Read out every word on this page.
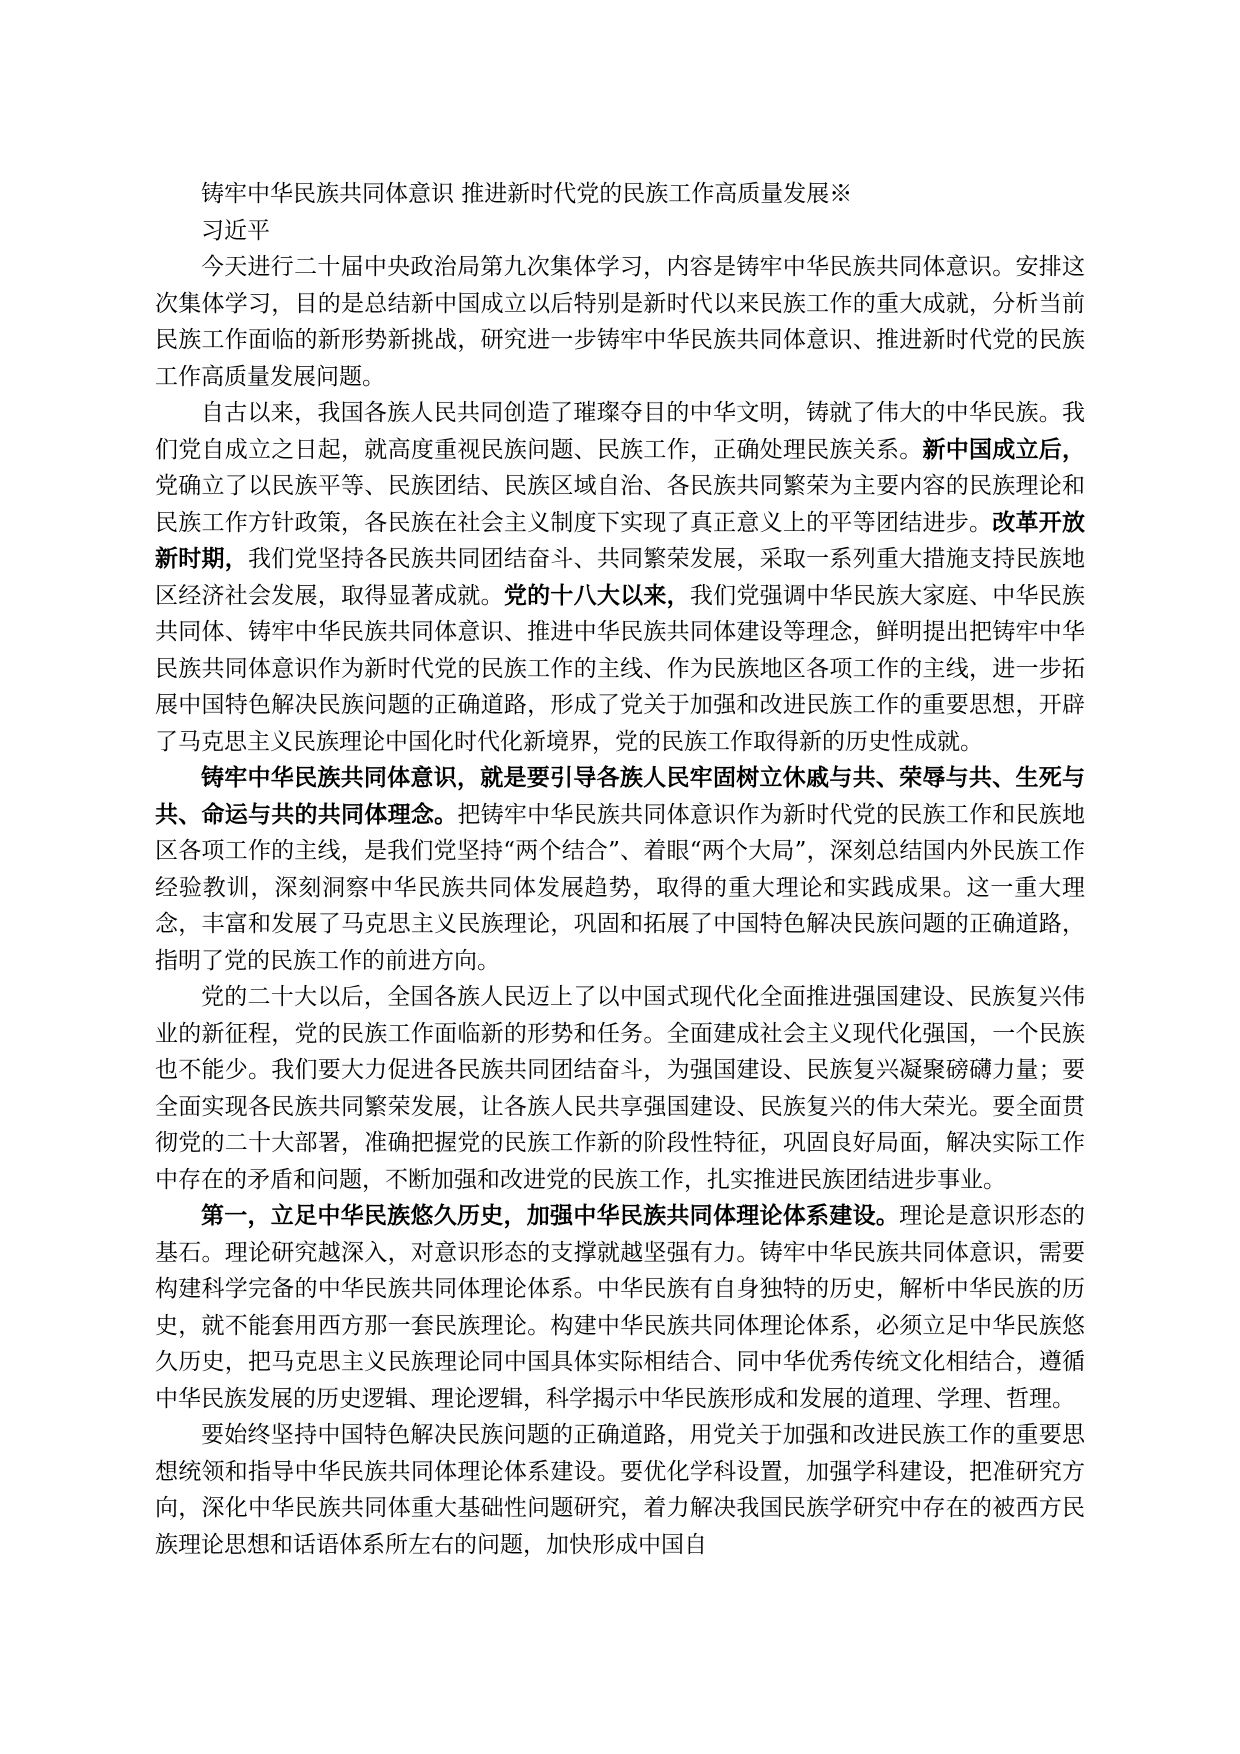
铸牢中华民族共同体意识 推进新时代党的民族工作高质量发展※

习近平

今天进行二十届中央政治局第九次集体学习，内容是铸牢中华民族共同体意识。安排这次集体学习，目的是总结新中国成立以后特别是新时代以来民族工作的重大成就，分析当前民族工作面临的新形势新挑战，研究进一步铸牢中华民族共同体意识、推进新时代党的民族工作高质量发展问题。

自古以来，我国各族人民共同创造了璀璨夺目的中华文明，铸就了伟大的中华民族。我们党自成立之日起，就高度重视民族问题、民族工作，正确处理民族关系。新中国成立后，党确立了以民族平等、民族团结、民族区域自治、各民族共同繁荣为主要内容的民族理论和民族工作方针政策，各民族在社会主义制度下实现了真正意义上的平等团结进步。改革开放新时期，我们党坚持各民族共同团结奋斗、共同繁荣发展，采取一系列重大措施支持民族地区经济社会发展，取得显著成就。党的十八大以来，我们党强调中华民族大家庭、中华民族共同体、铸牢中华民族共同体意识、推进中华民族共同体建设等理念，鲜明提出把铸牢中华民族共同体意识作为新时代党的民族工作的主线、作为民族地区各项工作的主线，进一步拓展中国特色解决民族问题的正确道路，形成了党关于加强和改进民族工作的重要思想，开辟了马克思主义民族理论中国化时代化新境界，党的民族工作取得新的历史性成就。

铸牢中华民族共同体意识，就是要引导各族人民牢固树立休戚与共、荣辱与共、生死与共、命运与共的共同体理念。把铸牢中华民族共同体意识作为新时代党的民族工作和民族地区各项工作的主线，是我们党坚持“两个结合”、着眼“两个大局”，深刻总结国内外民族工作经验教训，深刻洞察中华民族共同体发展趋势，取得的重大理论和实践成果。这一重大理念，丰富和发展了马克思主义民族理论，巩固和拓展了中国特色解决民族问题的正确道路，指明了党的民族工作的前进方向。

党的二十大以后，全国各族人民迈上了以中国式现代化全面推进强国建设、民族复兴伟业的新征程，党的民族工作面临新的形势和任务。全面建成社会主义现代化强国，一个民族也不能少。我们要大力促进各民族共同团结奋斗，为强国建设、民族复兴凝聚磅礴力量；要全面实现各民族共同繁荣发展，让各族人民共享强国建设、民族复兴的伟大荣光。要全面贯彻党的二十大部署，准确把握党的民族工作新的阶段性特征，巩固良好局面，解决实际工作中存在的矛盾和问题，不断加强和改进党的民族工作，扎实推进民族团结进步事业。

第一，立足中华民族悠久历史，加强中华民族共同体理论体系建设。理论是意识形态的基石。理论研究越深入，对意识形态的支撑就越坚强有力。铸牢中华民族共同体意识，需要构建科学完备的中华民族共同体理论体系。中华民族有自身独特的历史，解析中华民族的历史，就不能套用西方那一套民族理论。构建中华民族共同体理论体系，必须立足中华民族悠久历史，把马克思主义民族理论同中国具体实际相结合、同中华优秀传统文化相结合，遵循中华民族发展的历史逻辑、理论逻辑，科学揭示中华民族形成和发展的道理、学理、哲理。

要始终坚持中国特色解决民族问题的正确道路，用党关于加强和改进民族工作的重要思想统领和指导中华民族共同体理论体系建设。要优化学科设置，加强学科建设，把准研究方向，深化中华民族共同体重大基础性问题研究，着力解决我国民族学研究中存在的被西方民族理论思想和话语体系所左右的问题，加快形成中国自
